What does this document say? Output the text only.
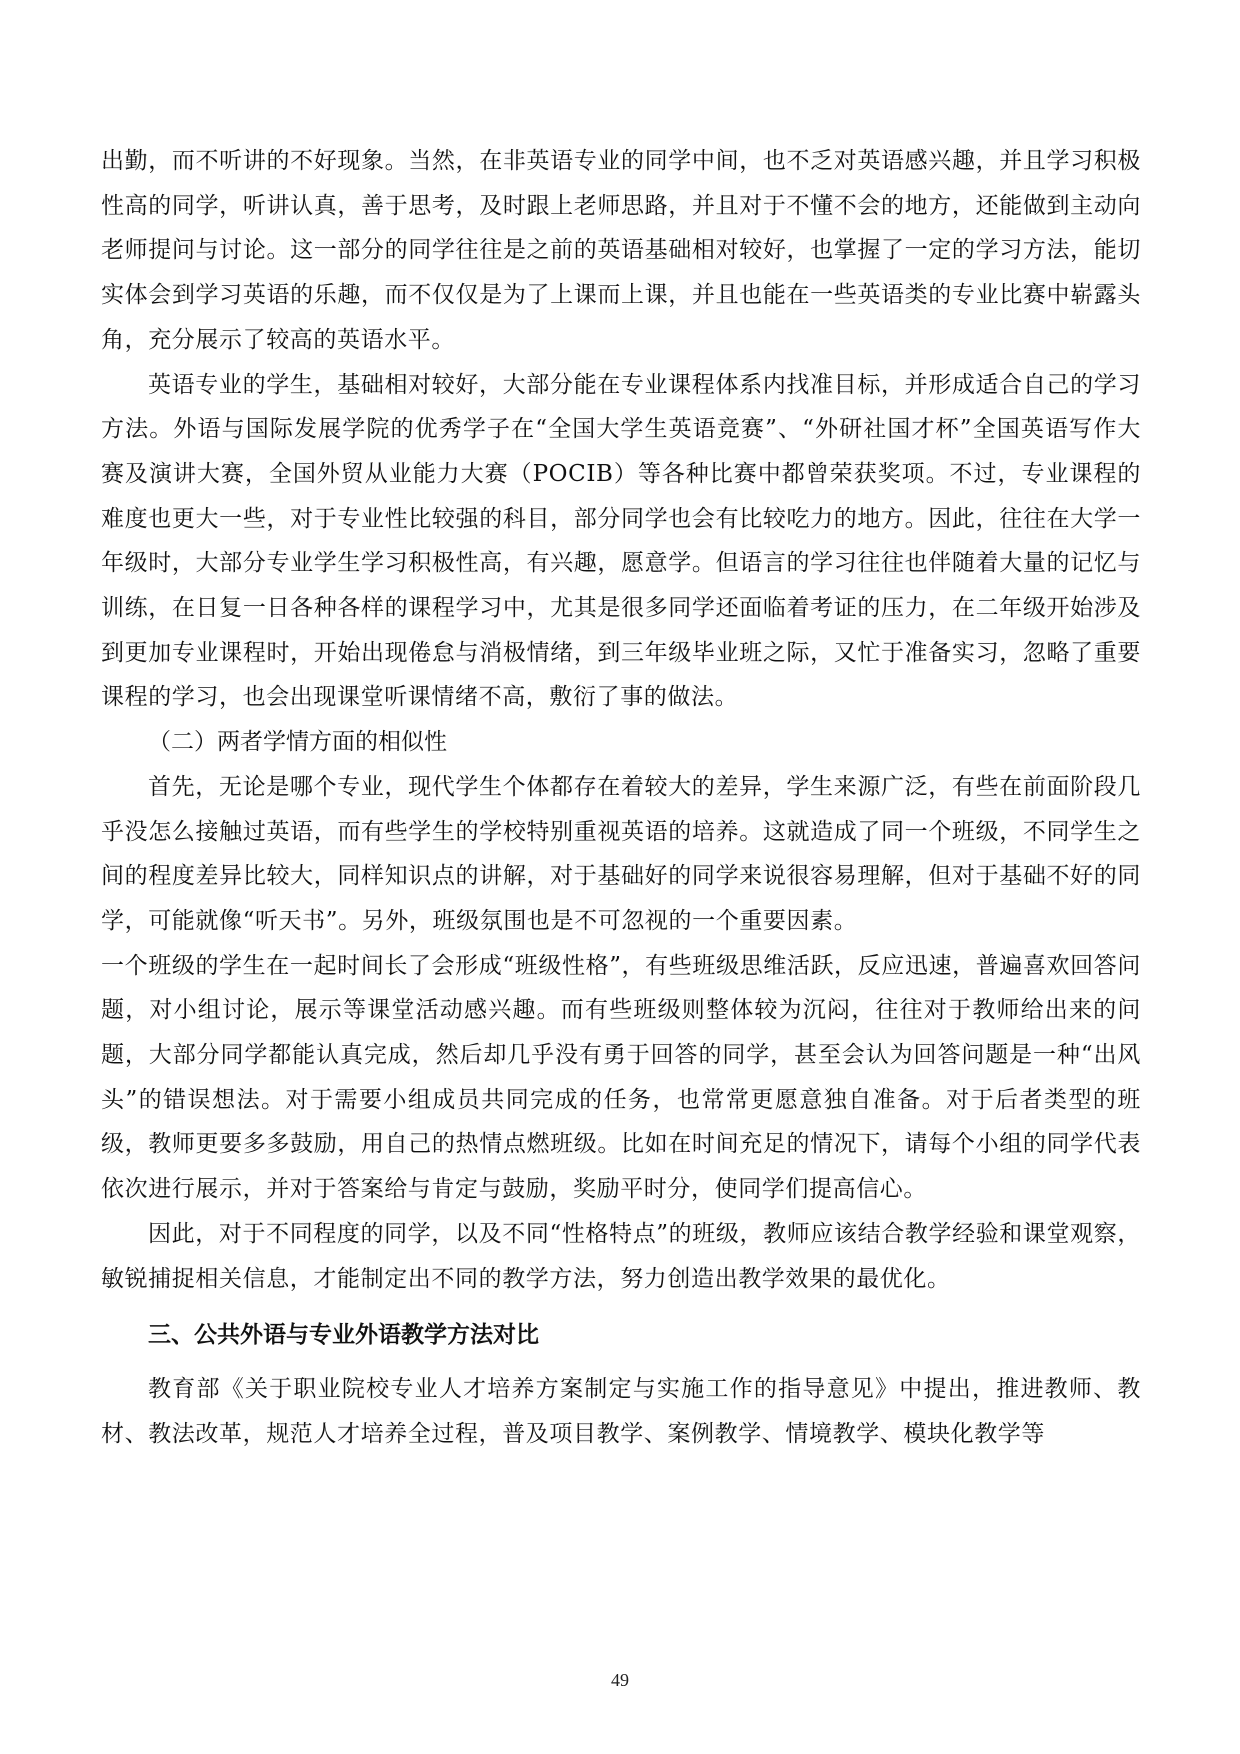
出勤，而不听讲的不好现象。当然，在非英语专业的同学中间，也不乏对英语感兴趣，并且学习积极性高的同学，听讲认真，善于思考，及时跟上老师思路，并且对于不懂不会的地方，还能做到主动向老师提问与讨论。这一部分的同学往往是之前的英语基础相对较好，也掌握了一定的学习方法，能切实体会到学习英语的乐趣，而不仅仅是为了上课而上课，并且也能在一些英语类的专业比赛中崭露头角，充分展示了较高的英语水平。

英语专业的学生，基础相对较好，大部分能在专业课程体系内找准目标，并形成适合自己的学习方法。外语与国际发展学院的优秀学子在“全国大学生英语竞赛”、“外研社国才杯”全国英语写作大赛及演讲大赛，全国外贸从业能力大赛（POCIB）等各种比赛中都曾荣获奖项。不过，专业课程的难度也更大一些，对于专业性比较强的科目，部分同学也会有比较吃力的地方。因此，往往在大学一年级时，大部分专业学生学习积极性高，有兴趣，愿意学。但语言的学习往往也伴随着大量的记忆与训练，在日复一日各种各样的课程学习中，尤其是很多同学还面临着考证的压力，在二年级开始涉及到更加专业课程时，开始出现倦怠与消极情绪，到三年级毕业班之际，又忙于准备实习，忽略了重要课程的学习，也会出现课堂听课情绪不高，敷衍了事的做法。

（二）两者学情方面的相似性

首先，无论是哪个专业，现代学生个体都存在着较大的差异，学生来源广泛，有些在前面阶段几乎没怎么接触过英语，而有些学生的学校特别重视英语的培养。这就造成了同一个班级，不同学生之间的程度差异比较大，同样知识点的讲解，对于基础好的同学来说很容易理解，但对于基础不好的同学，可能就像“听天书”。另外，班级氛围也是不可忽视的一个重要因素。

一个班级的学生在一起时间长了会形成“班级性格”，有些班级思维活跃，反应迅速，普遍喜欢回答问题，对小组讨论，展示等课堂活动感兴趣。而有些班级则整体较为沉闷，往往对于教师给出来的问题，大部分同学都能认真完成，然后却几乎没有勇于回答的同学，甚至会认为回答问题是一种“出风头”的错误想法。对于需要小组成员共同完成的任务，也常常更愿意独自准备。对于后者类型的班级，教师更要多多鼓励，用自己的热情点燃班级。比如在时间充足的情况下，请每个小组的同学代表依次进行展示，并对于答案给与肯定与鼓励，奖励平时分，使同学们提高信心。

因此，对于不同程度的同学，以及不同“性格特点”的班级，教师应该结合教学经验和课堂观察，敏锐捕捉相关信息，才能制定出不同的教学方法，努力创造出教学效果的最优化。

三、公共外语与专业外语教学方法对比

教育部《关于职业院校专业人才培养方案制定与实施工作的指导意见》中提出，推进教师、教材、教法改革，规范人才培养全过程，普及项目教学、案例教学、情境教学、模块化教学等

49
